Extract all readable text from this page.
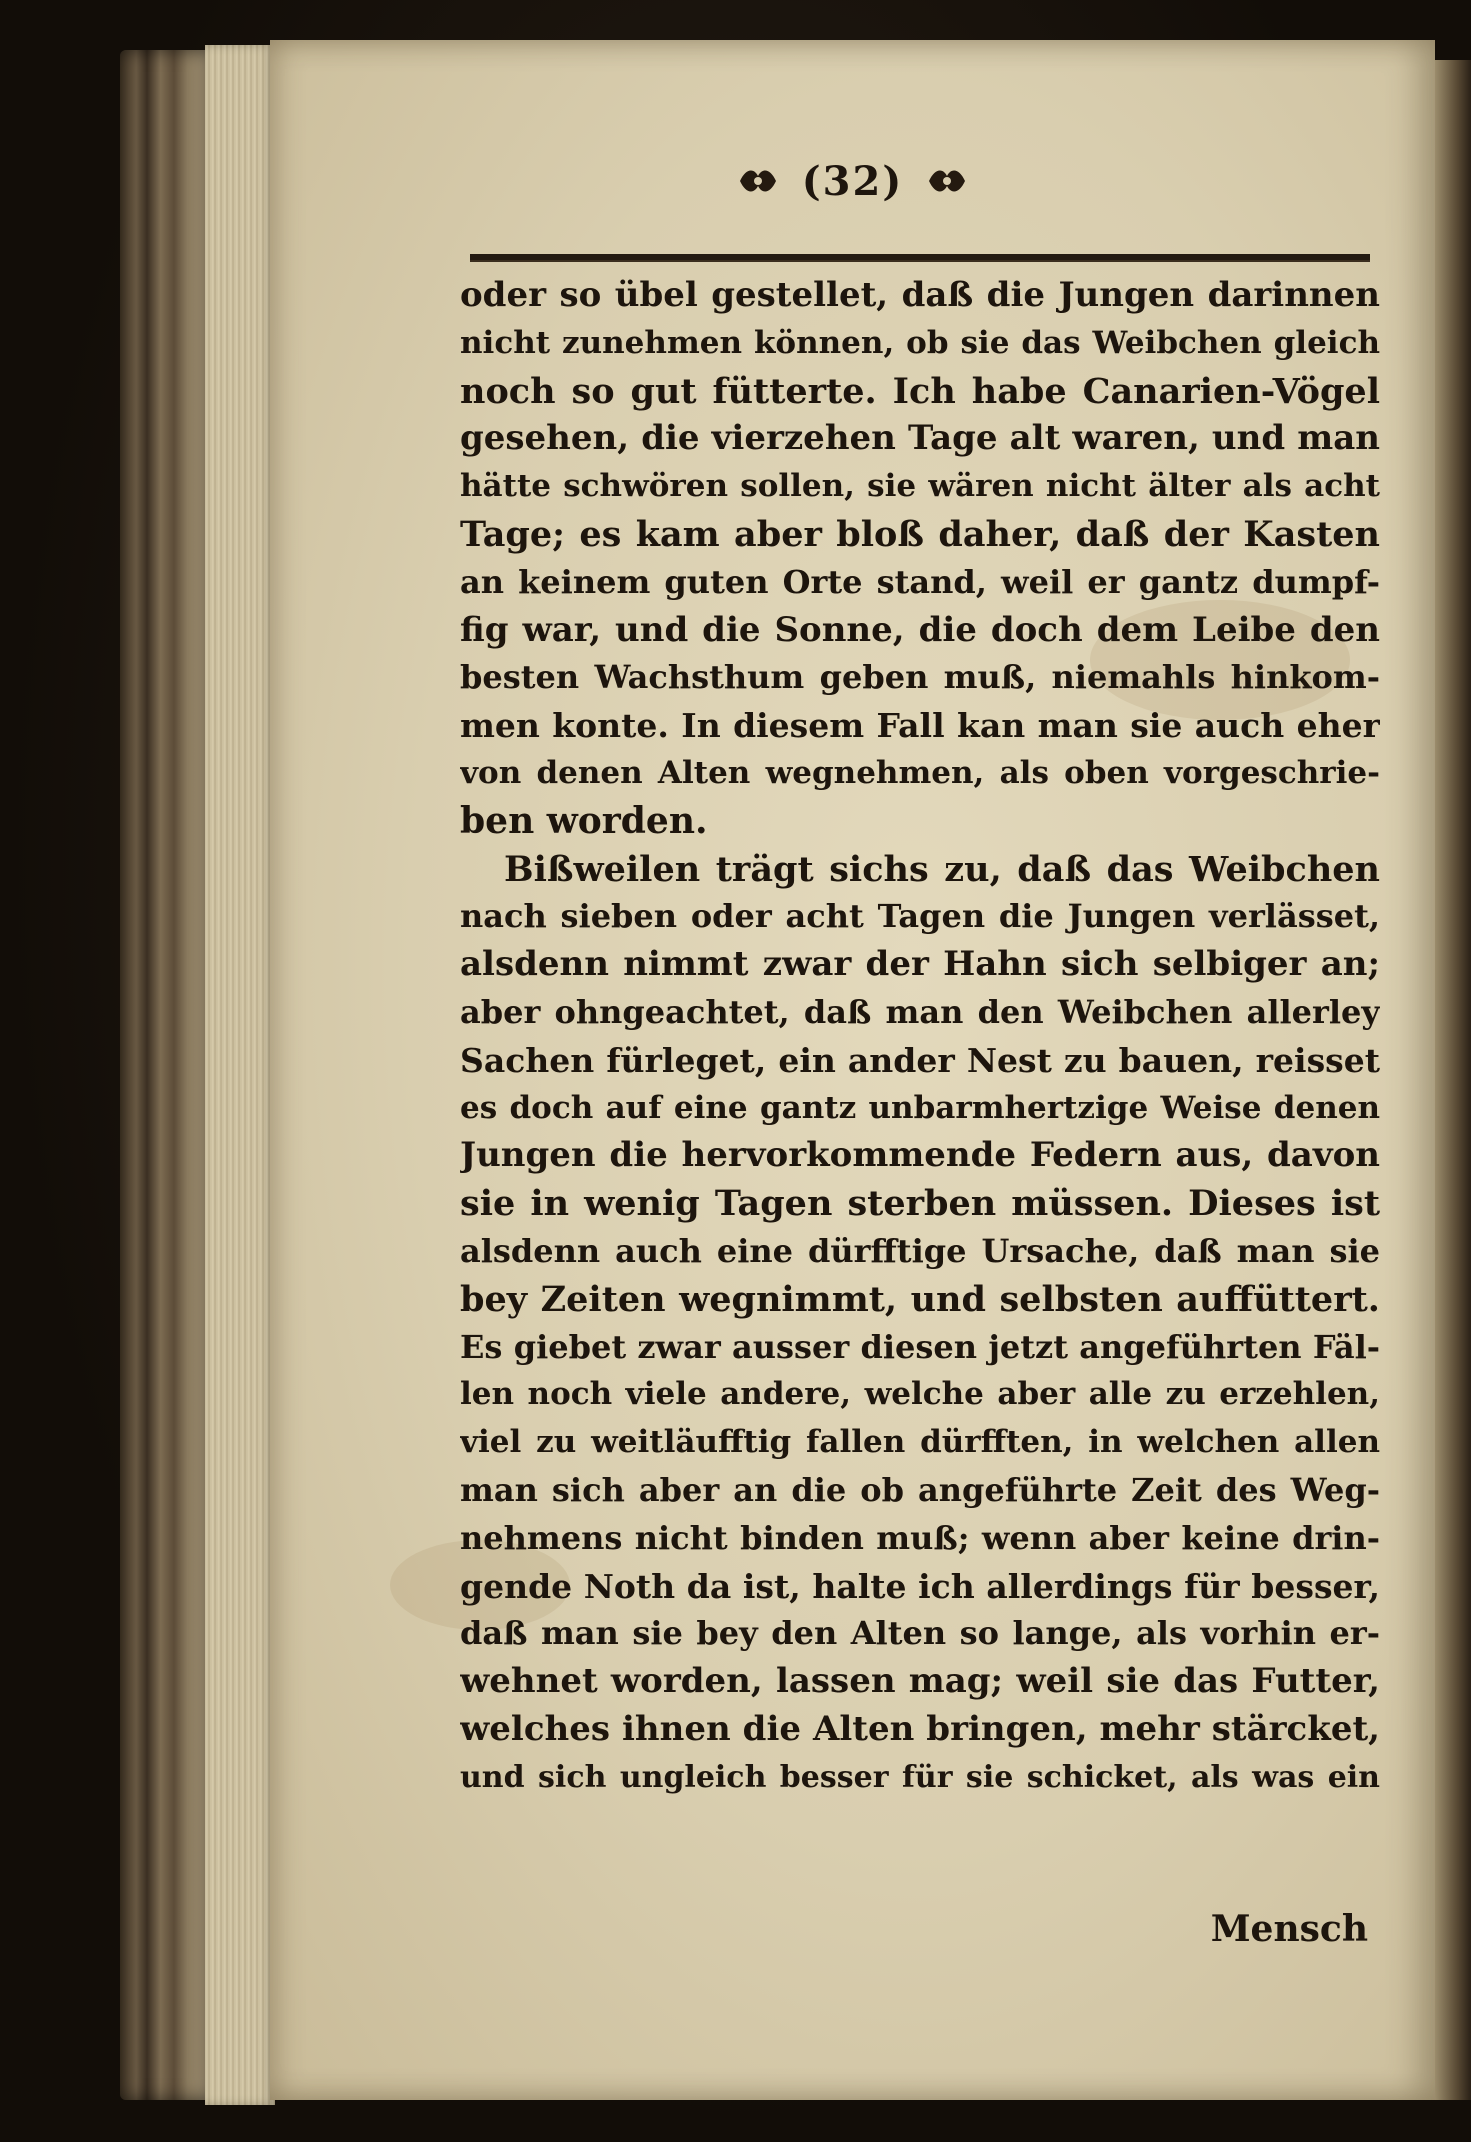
(32)
oder so übel gestellet, daß die Jungen darinnen
nicht zunehmen können, ob sie das Weibchen gleich
noch so gut fütterte. Ich habe Canarien-Vögel
gesehen, die vierzehen Tage alt waren, und man
hätte schwören sollen, sie wären nicht älter als acht
Tage; es kam aber bloß daher, daß der Kasten
an keinem guten Orte stand, weil er gantz dumpf-
fig war, und die Sonne, die doch dem Leibe den
besten Wachsthum geben muß, niemahls hinkom-
men konte. In diesem Fall kan man sie auch eher
von denen Alten wegnehmen, als oben vorgeschrie-
ben worden.
Bißweilen trägt sichs zu, daß das Weibchen
nach sieben oder acht Tagen die Jungen verlässet,
alsdenn nimmt zwar der Hahn sich selbiger an;
aber ohngeachtet, daß man den Weibchen allerley
Sachen fürleget, ein ander Nest zu bauen, reisset
es doch auf eine gantz unbarmhertzige Weise denen
Jungen die hervorkommende Federn aus, davon
sie in wenig Tagen sterben müssen. Dieses ist
alsdenn auch eine dürfftige Ursache, daß man sie
bey Zeiten wegnimmt, und selbsten auffüttert.
Es giebet zwar ausser diesen jetzt angeführten Fäl-
len noch viele andere, welche aber alle zu erzehlen,
viel zu weitläufftig fallen dürfften, in welchen allen
man sich aber an die ob angeführte Zeit des Weg-
nehmens nicht binden muß; wenn aber keine drin-
gende Noth da ist, halte ich allerdings für besser,
daß man sie bey den Alten so lange, als vorhin er-
wehnet worden, lassen mag; weil sie das Futter,
welches ihnen die Alten bringen, mehr stärcket,
und sich ungleich besser für sie schicket, als was ein
Mensch
